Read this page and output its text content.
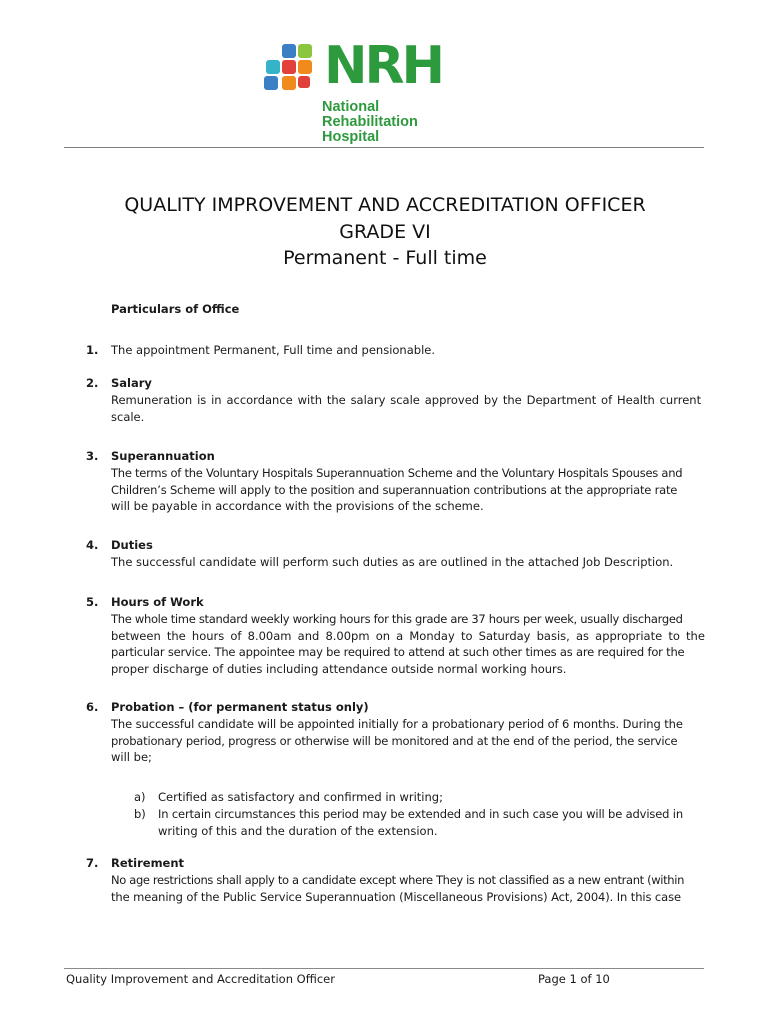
NRH
National
Rehabilitation
Hospital
QUALITY IMPROVEMENT AND ACCREDITATION OFFICER
GRADE VI
Permanent - Full time
Particulars of Office
1. The appointment Permanent, Full time and pensionable.
2. Salary
Remuneration is in accordance with the salary scale approved by the Department of Health current
scale.
3. Superannuation
The terms of the Voluntary Hospitals Superannuation Scheme and the Voluntary Hospitals Spouses and
Children’s Scheme will apply to the position and superannuation contributions at the appropriate rate
will be payable in accordance with the provisions of the scheme.
4. Duties
The successful candidate will perform such duties as are outlined in the attached Job Description.
5. Hours of Work
The whole time standard weekly working hours for this grade are 37 hours per week, usually discharged
between the hours of 8.00am and 8.00pm on a Monday to Saturday basis, as appropriate to the
particular service. The appointee may be required to attend at such other times as are required for the
proper discharge of duties including attendance outside normal working hours.
6. Probation – (for permanent status only)
The successful candidate will be appointed initially for a probationary period of 6 months. During the
probationary period, progress or otherwise will be monitored and at the end of the period, the service
will be;
a) Certified as satisfactory and confirmed in writing;
b) In certain circumstances this period may be extended and in such case you will be advised in
writing of this and the duration of the extension.
7. Retirement
No age restrictions shall apply to a candidate except where They is not classified as a new entrant (within
the meaning of the Public Service Superannuation (Miscellaneous Provisions) Act, 2004). In this case
Quality Improvement and Accreditation Officer	Page 1 of 10
